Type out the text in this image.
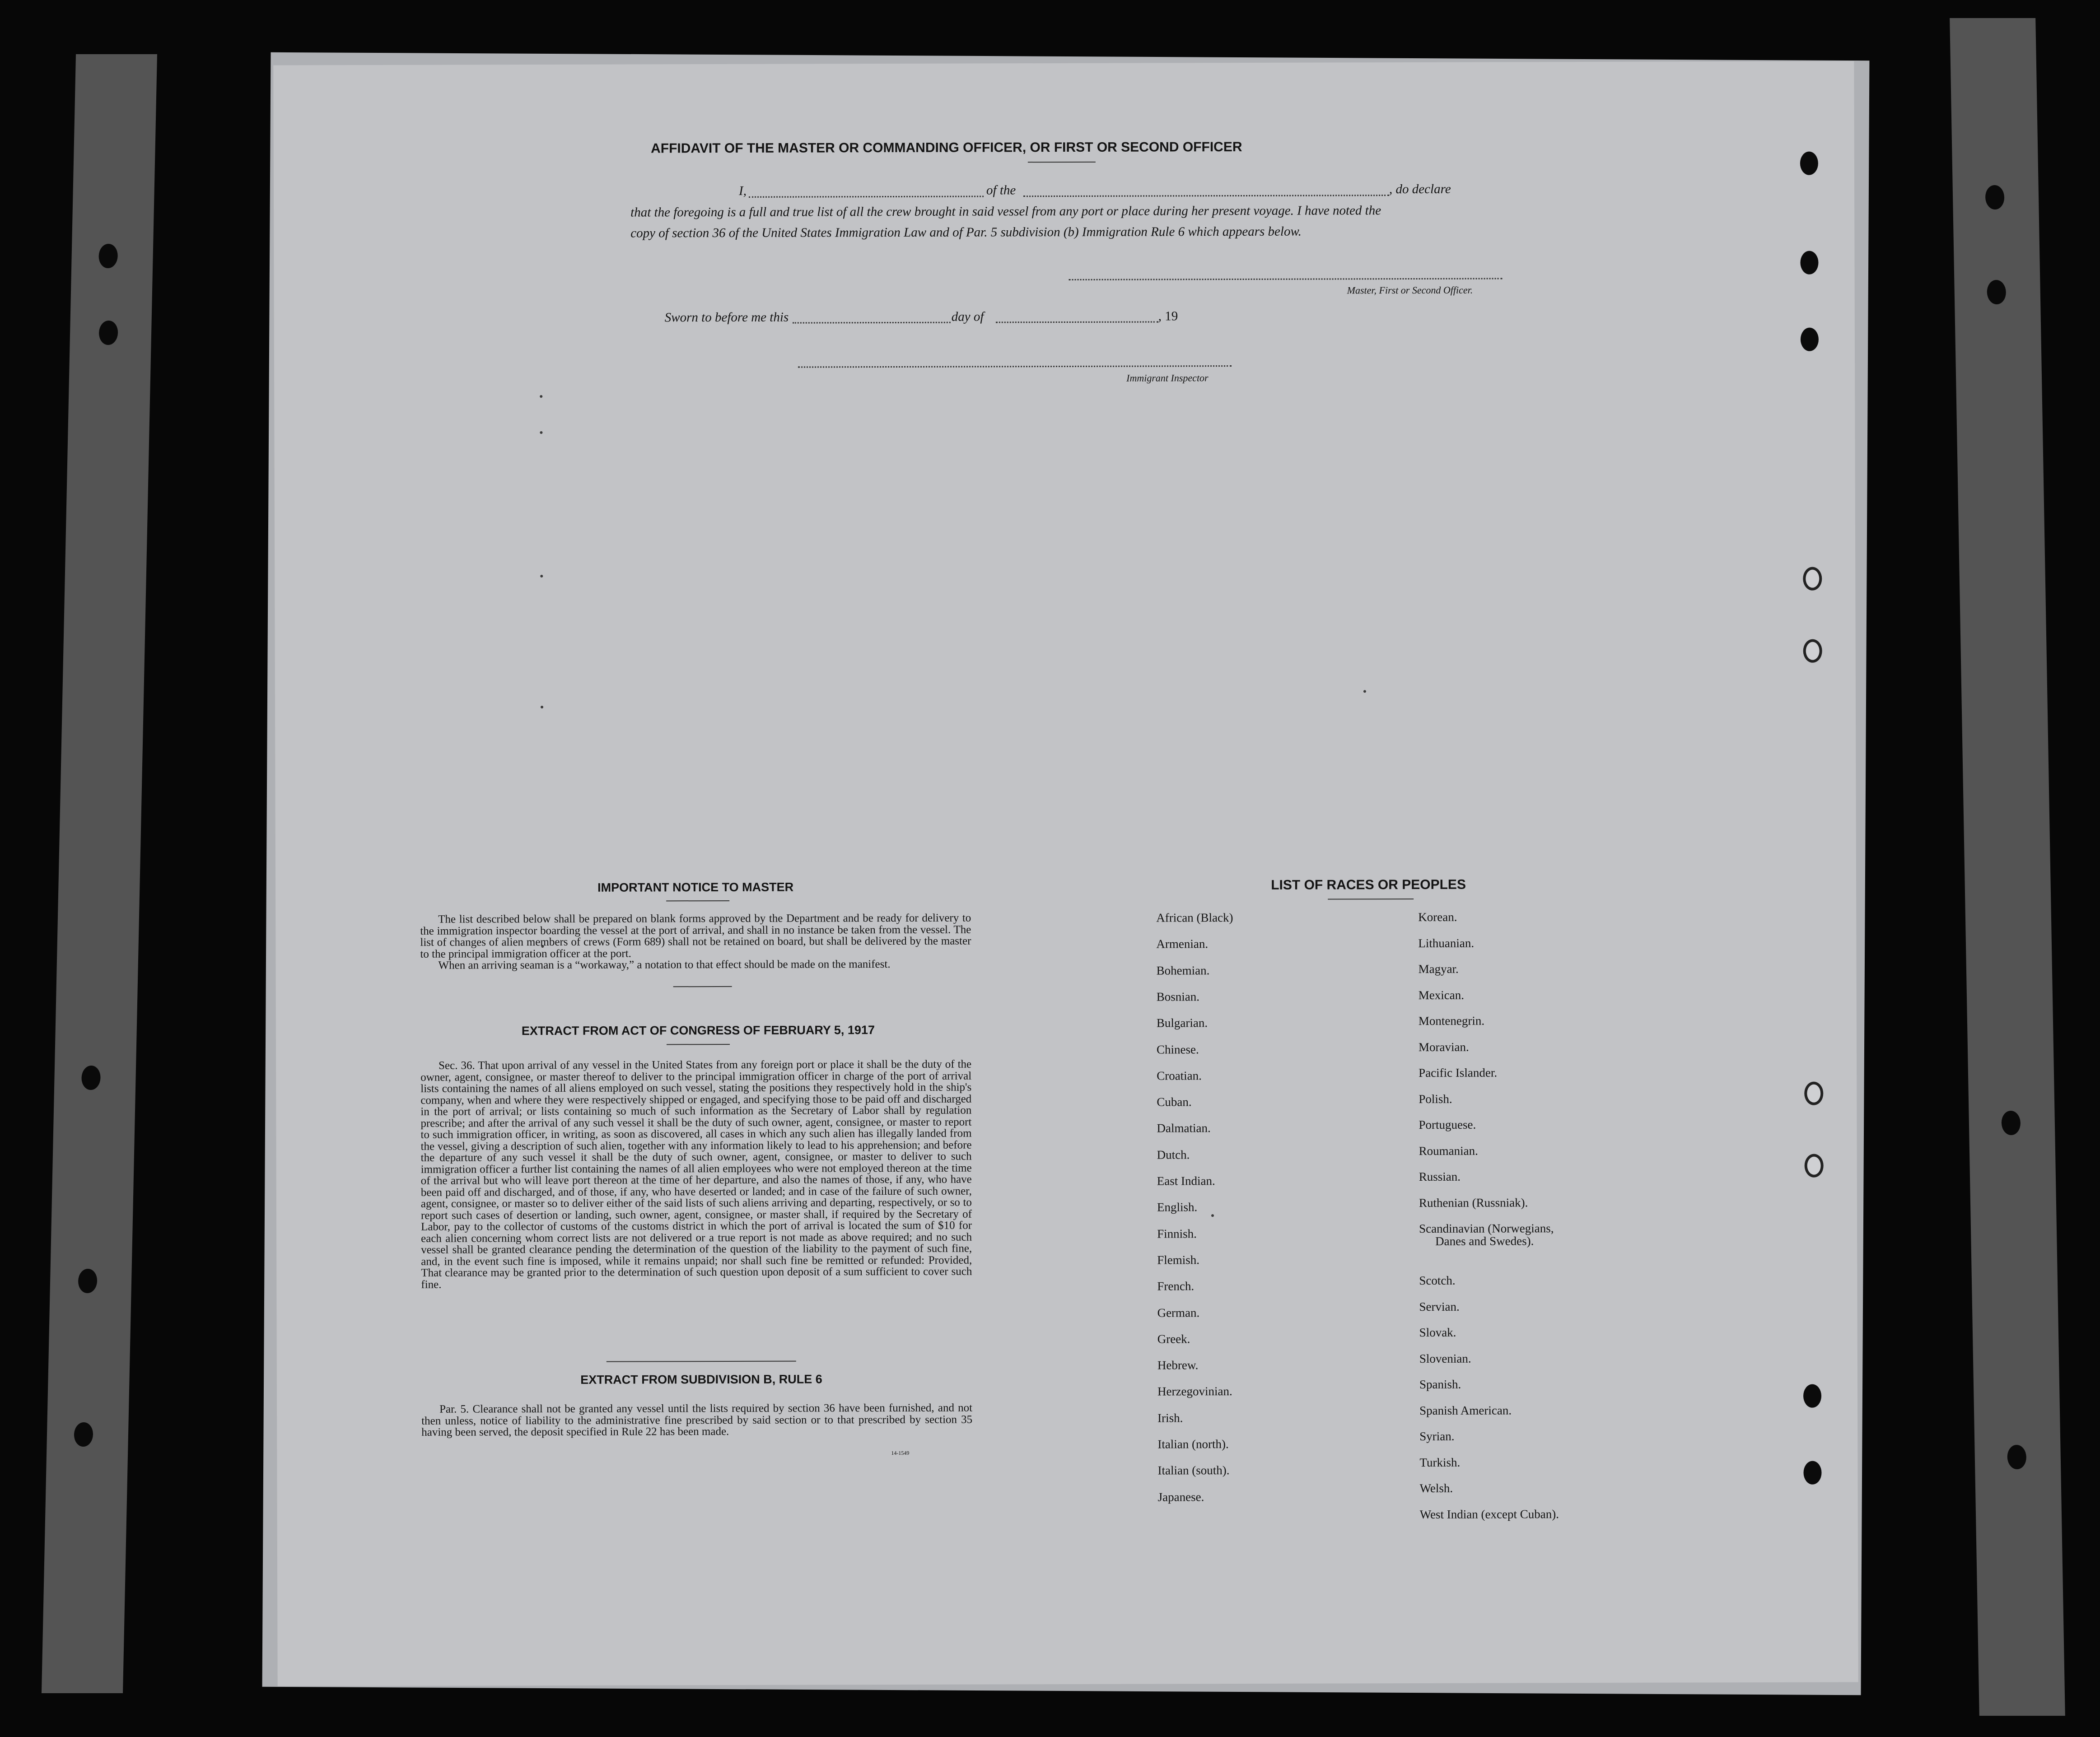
AFFIDAVIT OF THE MASTER OR COMMANDING OFFICER, OR FIRST OR SECOND OFFICER
I,	of the	, do declare
that the foregoing is a full and true list of all the crew brought in said vessel from any port or place during her present voyage. I have noted the
copy of section 36 of the United States Immigration Law and of Par. 5 subdivision (b) Immigration Rule 6 which appears below.
Master, First or Second Officer.
Sworn to before me this	day of	, 19
Immigrant Inspector
IMPORTANT NOTICE TO MASTER

The list described below shall be prepared on blank forms approved by the Department and be ready for delivery to the immigration inspector boarding the vessel at the port of arrival, and shall in no instance be taken from the vessel. The list of changes of alien members of crews (Form 689) shall not be retained on board, but shall be delivered by the master to the principal immigration officer at the port.

When an arriving seaman is a “workaway,” a notation to that effect should be made on the manifest.

EXTRACT FROM ACT OF CONGRESS OF FEBRUARY 5, 1917

Sec. 36. That upon arrival of any vessel in the United States from any foreign port or place it shall be the duty of the owner, agent, consignee, or master thereof to deliver to the principal immigration officer in charge of the port of arrival lists containing the names of all aliens employed on such vessel, stating the positions they respectively hold in the ship's company, when and where they were respectively shipped or engaged, and specifying those to be paid off and discharged in the port of arrival; or lists containing so much of such information as the Secretary of Labor shall by regulation prescribe; and after the arrival of any such vessel it shall be the duty of such owner, agent, consignee, or master to report to such immigration officer, in writing, as soon as discovered, all cases in which any such alien has illegally landed from the vessel, giving a description of such alien, together with any information likely to lead to his apprehension; and before the departure of any such vessel it shall be the duty of such owner, agent, consignee, or master to deliver to such immigration officer a further list containing the names of all alien employees who were not employed thereon at the time of the arrival but who will leave port thereon at the time of her departure, and also the names of those, if any, who have been paid off and discharged, and of those, if any, who have deserted or landed; and in case of the failure of such owner, agent, consignee, or master so to deliver either of the said lists of such aliens arriving and departing, respectively, or so to report such cases of desertion or landing, such owner, agent, consignee, or master shall, if required by the Secretary of Labor, pay to the collector of customs of the customs district in which the port of arrival is located the sum of $10 for each alien concerning whom correct lists are not delivered or a true report is not made as above required; and no such vessel shall be granted clearance pending the determination of the question of the liability to the payment of such fine, and, in the event such fine is imposed, while it remains unpaid; nor shall such fine be remitted or refunded: Provided, That clearance may be granted prior to the determination of such question upon deposit of a sum sufficient to cover such fine.

EXTRACT FROM SUBDIVISION B, RULE 6

Par. 5. Clearance shall not be granted any vessel until the lists required by section 36 have been furnished, and not then unless, notice of liability to the administrative fine prescribed by said section or to that prescribed by section 35 having been served, the deposit specified in Rule 22 has been made.

14-1549
LIST OF RACES OR PEOPLES
African (Black)
Armenian.
Bohemian.
Bosnian.
Bulgarian.
Chinese.
Croatian.
Cuban.
Dalmatian.
Dutch.
East Indian.
English.
Finnish.
Flemish.
French.
German.
Greek.
Hebrew.
Herzegovinian.
Irish.
Italian (north).
Italian (south).
Japanese.
Korean.
Lithuanian.
Magyar.
Mexican.
Montenegrin.
Moravian.
Pacific Islander.
Polish.
Portuguese.
Roumanian.
Russian.
Ruthenian (Russniak).
Scandinavian (Norwegians,
Danes and Swedes).
Scotch.
Servian.
Slovak.
Slovenian.
Spanish.
Spanish American.
Syrian.
Turkish.
Welsh.
West Indian (except Cuban).
